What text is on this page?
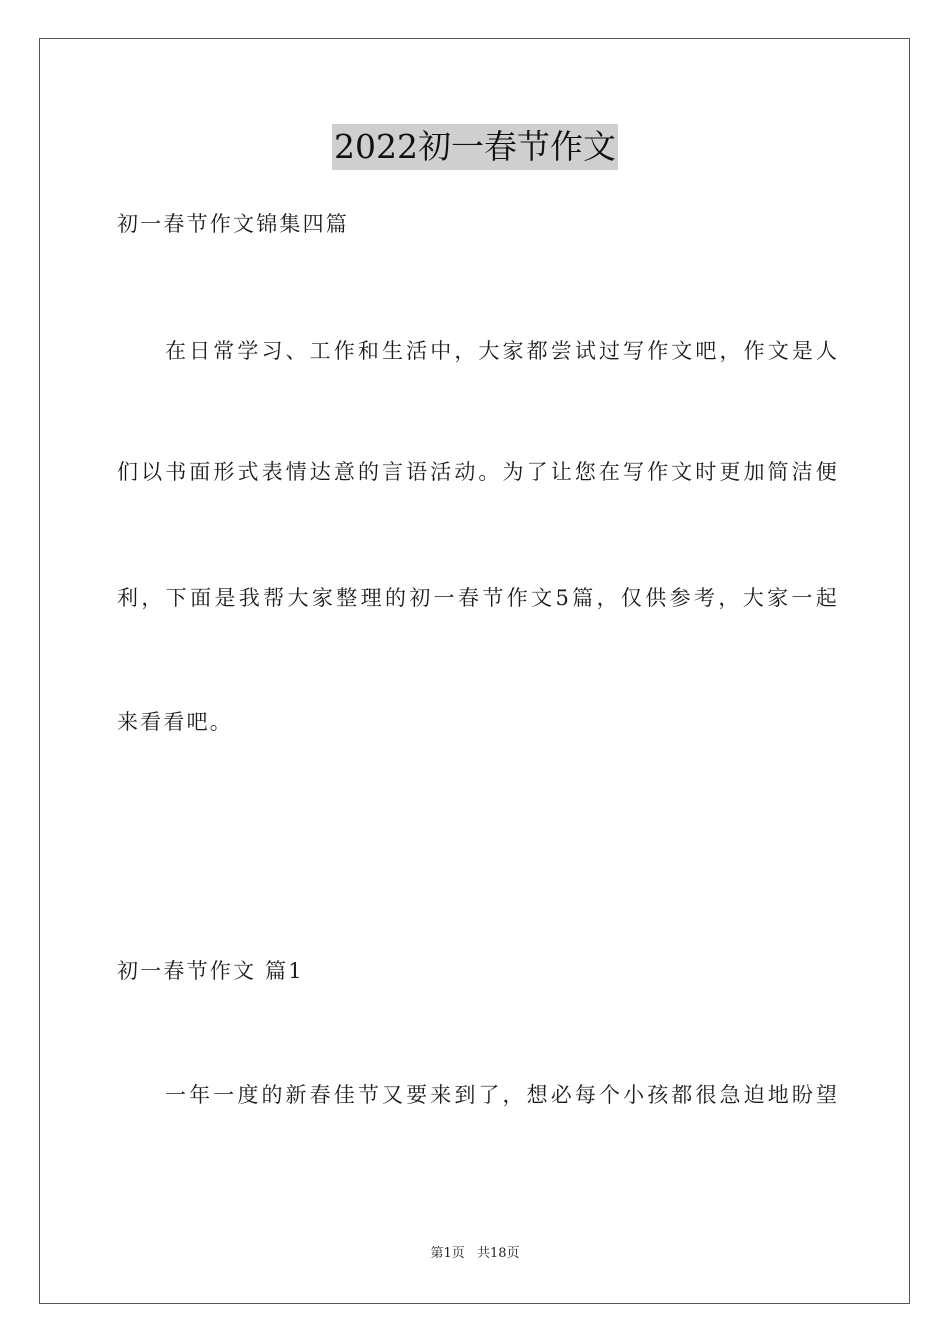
2022初一春节作文
初一春节作文锦集四篇
在 日 常 学 习 、 工 作 和 生 活 中 ， 大 家 都 尝 试 过 写 作 文 吧 ， 作 文 是 人
们 以 书 面 形 式 表 情 达 意 的 言 语 活 动 。 为 了 让 您 在 写 作 文 时 更 加 简 洁 便
利 ， 下 面 是 我 帮 大 家 整 理 的 初 一 春 节 作 文 5 篇 ， 仅 供 参 考 ， 大 家 一 起
来看看吧。
初一春节作文 篇1
一 年 一 度 的 新 春 佳 节 又 要 来 到 了 ， 想 必 每 个 小 孩 都 很 急 迫 地 盼 望
第1页 共18页
